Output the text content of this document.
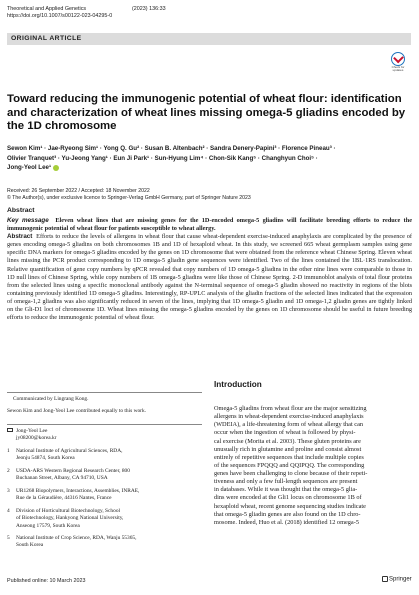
Theoretical and Applied Genetics	(2023) 136:33
https://doi.org/10.1007/s00122-023-04295-0
ORIGINAL ARTICLE
Check for updates
Toward reducing the immunogenic potential of wheat flour: identification and characterization of wheat lines missing omega-5 gliadins encoded by the 1D chromosome
Sewon Kim¹ · Jae-Ryeong Sim¹ · Yong Q. Gu² · Susan B. Altenbach² · Sandra Denery-Papini³ · Florence Pineau³ ·
Olivier Tranquet³ · Yu-Jeong Yang¹ · Eun Ji Park¹ · Sun-Hyung Lim⁴ · Chon-Sik Kang⁵ · Changhyun Choi⁵ ·
Jong-Yeol Lee¹
Received: 26 September 2022 / Accepted: 18 November 2022
© The Author(s), under exclusive licence to Springer-Verlag GmbH Germany, part of Springer Nature 2023
Abstract
Key message Eleven wheat lines that are missing genes for the 1D-encoded omega-5 gliadins will facilitate breeding efforts to reduce the immunogenic potential of wheat flour for patients susceptible to wheat allergy.
Abstract Efforts to reduce the levels of allergens in wheat flour that cause wheat-dependent exercise-induced anaphylaxis are complicated by the presence of genes encoding omega-5 gliadins on both chromosomes 1B and 1D of hexaploid wheat. In this study, we screened 665 wheat germplasm samples using gene specific DNA markers for omega-5 gliadins encoded by the genes on 1D chromosome that were obtained from the reference wheat Chinese Spring. Eleven wheat lines missing the PCR product corresponding to 1D omega-5 gliadin gene sequences were identified. Two of the lines contained the 1BL·1RS translocation. Relative quantification of gene copy numbers by qPCR revealed that copy numbers of 1D omega-5 gliadins in the other nine lines were comparable to those in 1D null lines of Chinese Spring, while copy numbers of 1B omega-5 gliadins were like those of Chinese Spring. 2-D immunoblot analysis of total flour proteins from the selected lines using a specific monoclonal antibody against the N-terminal sequence of omega-5 gliadin showed no reactivity in regions of the blots containing previously identified 1D omega-5 gliadins. Interestingly, RP-UPLC analysis of the gliadin fractions of the selected lines indicated that the expression of omega-1,2 gliadins was also significantly reduced in seven of the lines, implying that 1D omega-5 gliadin and 1D omega-1,2 gliadin genes are tightly linked on the Gli-D1 loci of chromosome 1D. Wheat lines missing the omega-5 gliadins encoded by the genes on 1D chromosome should be useful in future breeding efforts to reduce the immunogenic potential of wheat flour.
Communicated by Lingrang Kong.
Sewon Kim and Jong-Yeol Lee contributed equally to this work.
Jong-Yeol Lee
jy08200@korea.kr
1 National Institute of Agricultural Sciences, RDA,
Jeonju 54874, South Korea
2 USDA-ARS Western Regional Research Center, 800
Buchanan Street, Albany, CA 94710, USA
3 UR1268 Biopolymers, Interactions, Assemblies, INRAE,
Rue de la Géraudière, 44316 Nantes, France
4 Division of Horticultural Biotechnology, School
of Biotechnology, Hankyong National University,
Anseong 17579, South Korea
5 National Institute of Crop Science, RDA, Wanju 55365,
South Korea
Introduction
Omega-5 gliadins from wheat flour are the major sensitizing
allergens in wheat-dependent exercise-induced anaphylaxis
(WDEIA), a life-threatening form of wheat allergy that can
occur when the ingestion of wheat is followed by physi-
cal exercise (Morita et al. 2003). These gluten proteins are
unusually rich in glutamine and proline and consist almost
entirely of repetitive sequences that include multiple copies
of the sequences FPQQQ and QQIPQQ. The corresponding
genes have been challenging to clone because of their repeti-
tiveness and only a few full-length sequences are present
in databases. While it was thought that the omega-5 glia-
dins were encoded at the Gli1 locus on chromosome 1B of
hexaploid wheat, recent genome sequencing studies indicate
that omega-5 gliadin genes are also found on the 1D chro-
mosome. Indeed, Huo et al. (2018) identified 12 omega-5
Published online: 10 March 2023	Springer
